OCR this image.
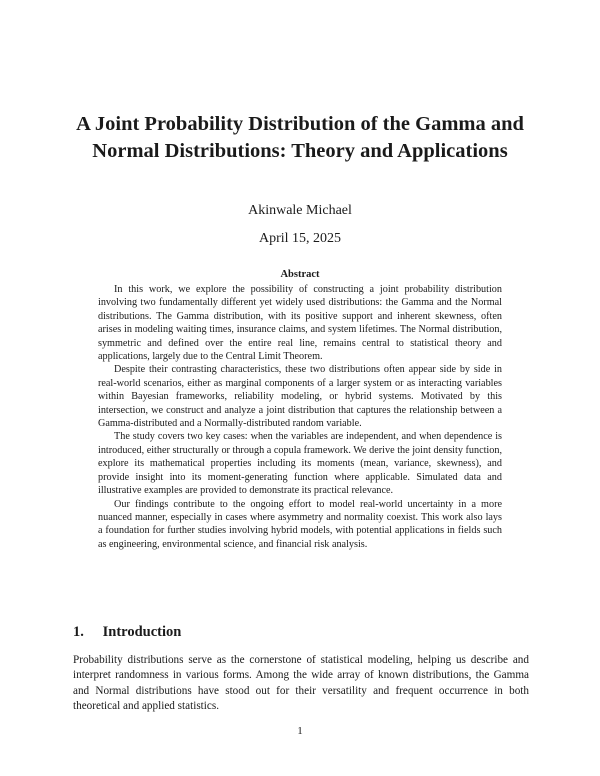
A Joint Probability Distribution of the Gamma and Normal Distributions: Theory and Applications
Akinwale Michael
April 15, 2025
Abstract

In this work, we explore the possibility of constructing a joint probability distribution involving two fundamentally different yet widely used distributions: the Gamma and the Normal distributions. The Gamma distribution, with its positive support and inherent skewness, often arises in modeling waiting times, insurance claims, and system lifetimes. The Normal distribution, symmetric and defined over the entire real line, remains central to statistical theory and applications, largely due to the Central Limit Theorem.

Despite their contrasting characteristics, these two distributions often appear side by side in real-world scenarios, either as marginal components of a larger system or as interacting variables within Bayesian frameworks, reliability modeling, or hybrid systems. Motivated by this intersection, we construct and analyze a joint distribution that captures the relationship between a Gamma-distributed and a Normally-distributed random variable.

The study covers two key cases: when the variables are independent, and when dependence is introduced, either structurally or through a copula framework. We derive the joint density function, explore its mathematical properties including its moments (mean, variance, skewness), and provide insight into its moment-generating function where applicable. Simulated data and illustrative examples are provided to demonstrate its practical relevance.

Our findings contribute to the ongoing effort to model real-world uncertainty in a more nuanced manner, especially in cases where asymmetry and normality coexist. This work also lays a foundation for further studies involving hybrid models, with potential applications in fields such as engineering, environmental science, and financial risk analysis.

1. Introduction

Probability distributions serve as the cornerstone of statistical modeling, helping us describe and interpret randomness in various forms. Among the wide array of known distributions, the Gamma and Normal distributions have stood out for their versatility and frequent occurrence in both theoretical and applied statistics.

1
